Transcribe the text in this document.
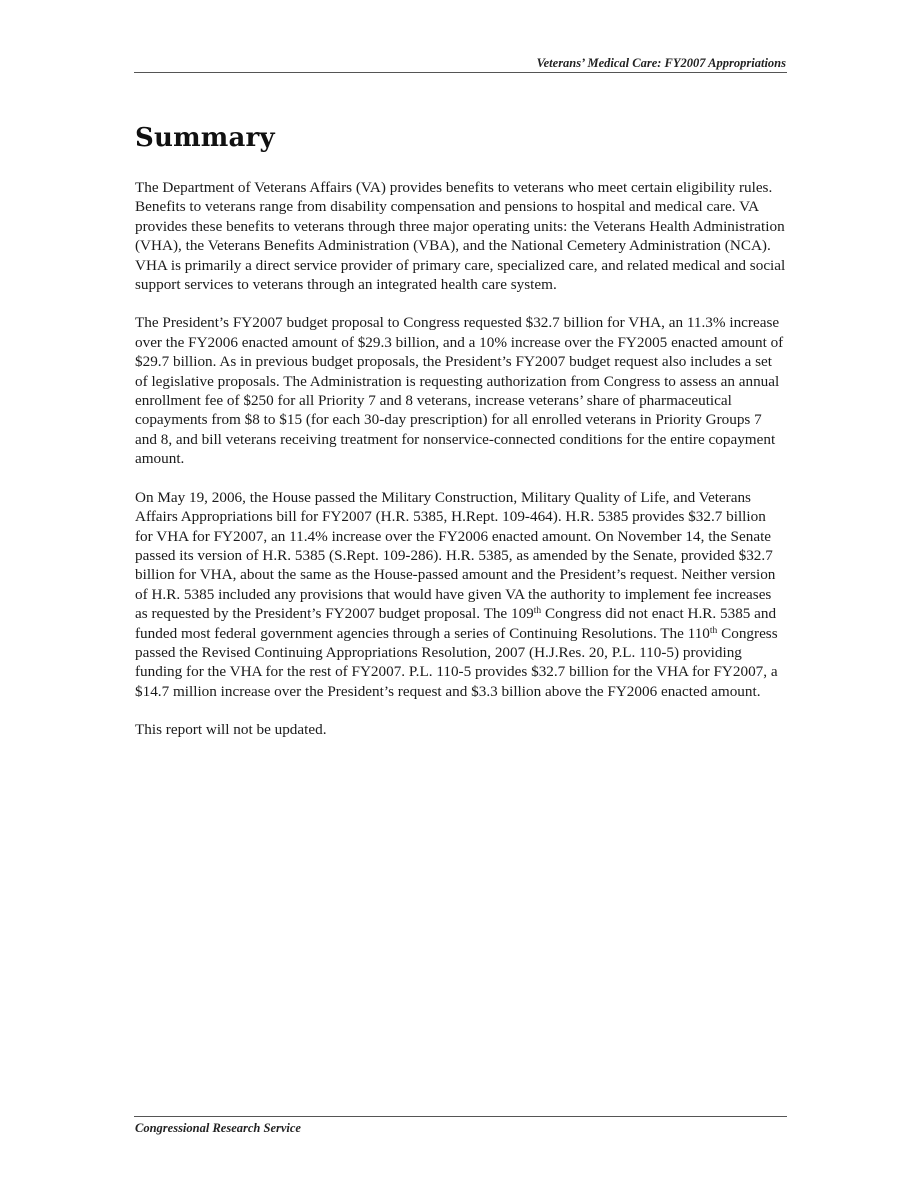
Veterans’ Medical Care: FY2007 Appropriations
Summary

The Department of Veterans Affairs (VA) provides benefits to veterans who meet certain eligibility rules. Benefits to veterans range from disability compensation and pensions to hospital and medical care. VA provides these benefits to veterans through three major operating units: the Veterans Health Administration (VHA), the Veterans Benefits Administration (VBA), and the National Cemetery Administration (NCA). VHA is primarily a direct service provider of primary care, specialized care, and related medical and social support services to veterans through an integrated health care system.

The President’s FY2007 budget proposal to Congress requested $32.7 billion for VHA, an 11.3% increase over the FY2006 enacted amount of $29.3 billion, and a 10% increase over the FY2005 enacted amount of $29.7 billion. As in previous budget proposals, the President’s FY2007 budget request also includes a set of legislative proposals. The Administration is requesting authorization from Congress to assess an annual enrollment fee of $250 for all Priority 7 and 8 veterans, increase veterans’ share of pharmaceutical copayments from $8 to $15 (for each 30-day prescription) for all enrolled veterans in Priority Groups 7 and 8, and bill veterans receiving treatment for nonservice-connected conditions for the entire copayment amount.

On May 19, 2006, the House passed the Military Construction, Military Quality of Life, and Veterans Affairs Appropriations bill for FY2007 (H.R. 5385, H.Rept. 109-464). H.R. 5385 provides $32.7 billion for VHA for FY2007, an 11.4% increase over the FY2006 enacted amount. On November 14, the Senate passed its version of H.R. 5385 (S.Rept. 109-286). H.R. 5385, as amended by the Senate, provided $32.7 billion for VHA, about the same as the House-passed amount and the President’s request. Neither version of H.R. 5385 included any provisions that would have given VA the authority to implement fee increases as requested by the President’s FY2007 budget proposal. The 109th Congress did not enact H.R. 5385 and funded most federal government agencies through a series of Continuing Resolutions. The 110th Congress passed the Revised Continuing Appropriations Resolution, 2007 (H.J.Res. 20, P.L. 110-5) providing funding for the VHA for the rest of FY2007. P.L. 110-5 provides $32.7 billion for the VHA for FY2007, a $14.7 million increase over the President’s request and $3.3 billion above the FY2006 enacted amount.

This report will not be updated.

Congressional Research Service
